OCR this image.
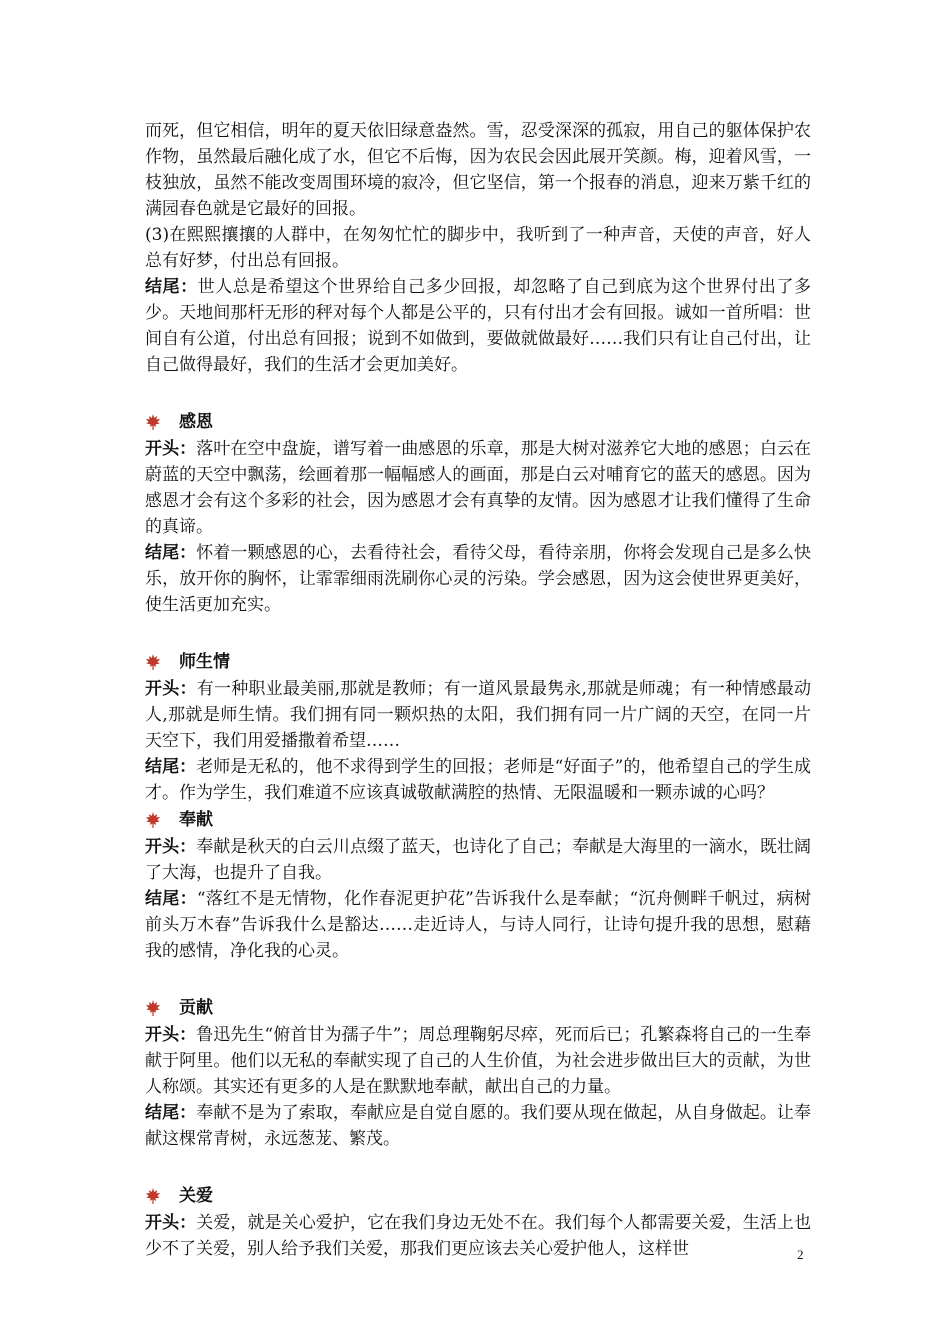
而死，但它相信，明年的夏天依旧绿意盎然。雪，忍受深深的孤寂，用自己的躯体保护农作物，虽然最后融化成了水，但它不后悔，因为农民会因此展开笑颜。梅，迎着风雪，一枝独放，虽然不能改变周围环境的寂冷，但它坚信，第一个报春的消息，迎来万紫千红的满园春色就是它最好的回报。

(3)在熙熙攘攘的人群中，在匆匆忙忙的脚步中，我听到了一种声音，天使的声音，好人总有好梦，付出总有回报。

结尾：世人总是希望这个世界给自己多少回报，却忽略了自己到底为这个世界付出了多少。天地间那杆无形的秤对每个人都是公平的，只有付出才会有回报。诚如一首所唱：世间自有公道，付出总有回报；说到不如做到，要做就做最好……我们只有让自己付出，让自己做得最好，我们的生活才会更加美好。

感恩

开头：落叶在空中盘旋，谱写着一曲感恩的乐章，那是大树对滋养它大地的感恩；白云在蔚蓝的天空中飘荡，绘画着那一幅幅感人的画面，那是白云对哺育它的蓝天的感恩。因为感恩才会有这个多彩的社会，因为感恩才会有真挚的友情。因为感恩才让我们懂得了生命的真谛。

结尾：怀着一颗感恩的心，去看待社会，看待父母，看待亲朋，你将会发现自己是多么快乐，放开你的胸怀，让霏霏细雨洗刷你心灵的污染。学会感恩，因为这会使世界更美好，使生活更加充实。

师生情

开头：有一种职业最美丽,那就是教师；有一道风景最隽永,那就是师魂；有一种情感最动人,那就是师生情。我们拥有同一颗炽热的太阳，我们拥有同一片广阔的天空，在同一片天空下，我们用爱播撒着希望……

结尾：老师是无私的，他不求得到学生的回报；老师是“好面子”的，他希望自己的学生成才。作为学生，我们难道不应该真诚敬献满腔的热情、无限温暖和一颗赤诚的心吗？

奉献

开头：奉献是秋天的白云川点缀了蓝天，也诗化了自己；奉献是大海里的一滴水，既壮阔了大海，也提升了自我。

结尾：“落红不是无情物，化作春泥更护花”告诉我什么是奉献；“沉舟侧畔千帆过，病树前头万木春”告诉我什么是豁达……走近诗人，与诗人同行，让诗句提升我的思想，慰藉我的感情，净化我的心灵。

贡献

开头：鲁迅先生“俯首甘为孺子牛”；周总理鞠躬尽瘁，死而后已；孔繁森将自己的一生奉献于阿里。他们以无私的奉献实现了自己的人生价值，为社会进步做出巨大的贡献，为世人称颂。其实还有更多的人是在默默地奉献，献出自己的力量。

结尾：奉献不是为了索取，奉献应是自觉自愿的。我们要从现在做起，从自身做起。让奉献这棵常青树，永远葱茏、繁茂。

关爱

开头：关爱，就是关心爱护，它在我们身边无处不在。我们每个人都需要关爱，生活上也少不了关爱，别人给予我们关爱，那我们更应该去关心爱护他人，这样世	2
